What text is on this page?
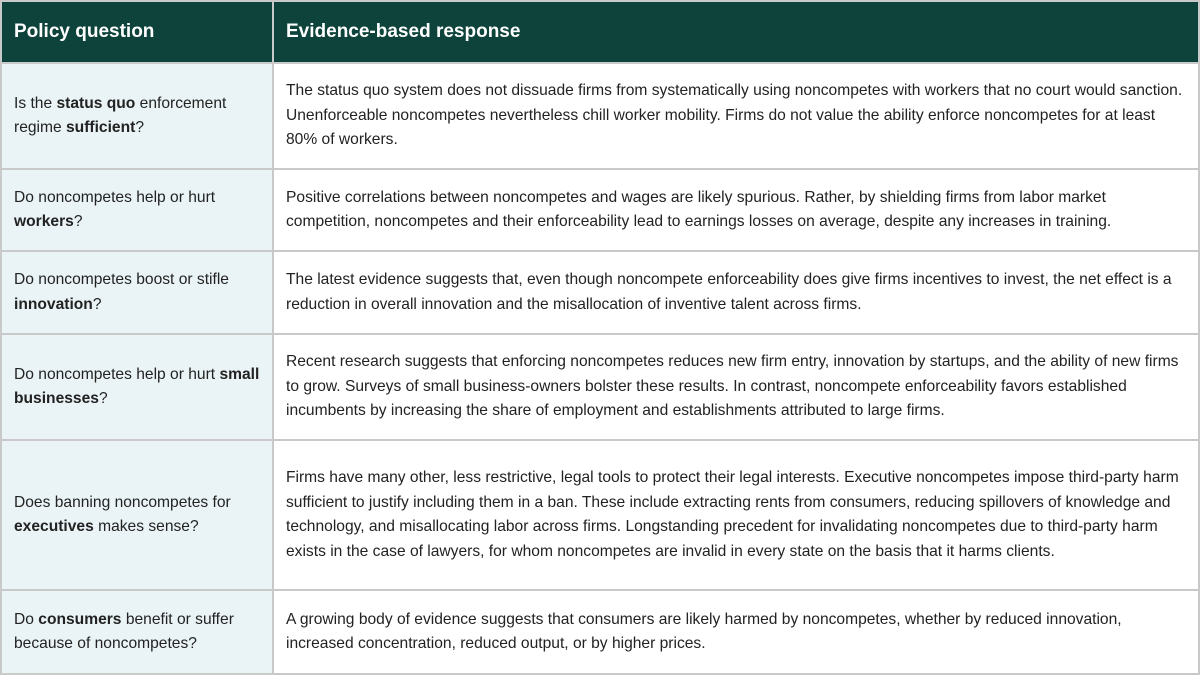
Policy question	Evidence-based response
Is the status quo enforcement regime sufficient?	The status quo system does not dissuade firms from systematically using noncompetes with workers that no court would sanction. Unenforceable noncompetes nevertheless chill worker mobility. Firms do not value the ability enforce noncompetes for at least 80% of workers.
Do noncompetes help or hurt workers?	Positive correlations between noncompetes and wages are likely spurious. Rather, by shielding firms from labor market competition, noncompetes and their enforceability lead to earnings losses on average, despite any increases in training.
Do noncompetes boost or stifle innovation?	The latest evidence suggests that, even though noncompete enforceability does give firms incentives to invest, the net effect is a reduction in overall innovation and the misallocation of inventive talent across firms.
Do noncompetes help or hurt small businesses?	Recent research suggests that enforcing noncompetes reduces new firm entry, innovation by startups, and the ability of new firms to grow. Surveys of small business-owners bolster these results. In contrast, noncompete enforceability favors established incumbents by increasing the share of employment and establishments attributed to large firms.
Does banning noncompetes for executives makes sense?	Firms have many other, less restrictive, legal tools to protect their legal interests. Executive noncompetes impose third-party harm sufficient to justify including them in a ban. These include extracting rents from consumers, reducing spillovers of knowledge and technology, and misallocating labor across firms. Longstanding precedent for invalidating noncompetes due to third-party harm exists in the case of lawyers, for whom noncompetes are invalid in every state on the basis that it harms clients.
Do consumers benefit or suffer because of noncompetes?	A growing body of evidence suggests that consumers are likely harmed by noncompetes, whether by reduced innovation, increased concentration, reduced output, or by higher prices.
